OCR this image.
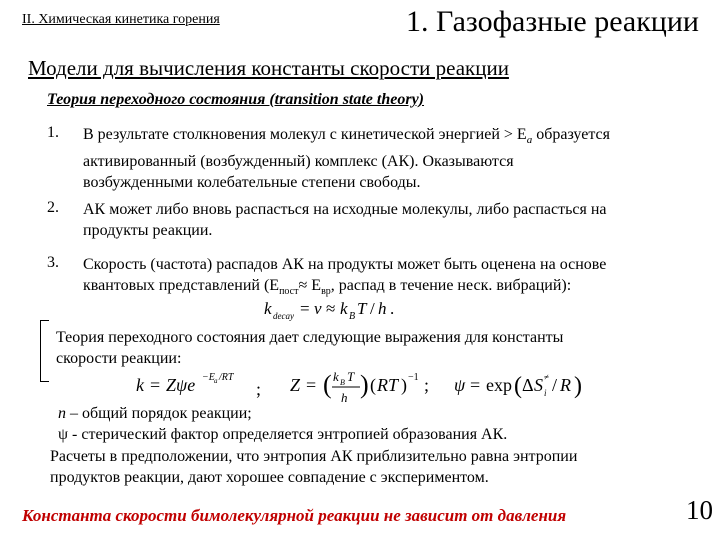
II. Химическая кинетика горения	1. Газофазные реакции
Модели для вычисления константы скорости реакции
Теория переходного состояния (transition state theory)
1. В результате столкновения молекул с кинетической энергией > $E_a$ образуется
активированный (возбужденный) комплекс (АК). Оказываются
возбужденными колебательные степени свободы.
2. АК может либо вновь распасться на исходные молекулы, либо распасться на
продукты реакции.
3. Скорость (частота) распадов АК на продукты может быть оценена на основе
квантовых представлений ($E_{пост}\approx E_{вр}$, распад в течение неск. вибраций):
k decay = ν ≈ k B T / h .
Теория переходного состояния дает следующие выражения для константы
скорости реакции:
k = Zψe −E a /RT
; Z = ( k B T
h ) ( RT ) −1 ; ψ = exp ( Δ S ≠
i / R )
n – общий порядок реакции;
ψ - стерический фактор определяется энтропией образования АК.
Расчеты в предположении, что энтропия АК приблизительно равна энтропии
продуктов реакции, дают хорошее совпадение с экспериментом.
Константа скорости бимолекулярной реакции не зависит от давления	10
